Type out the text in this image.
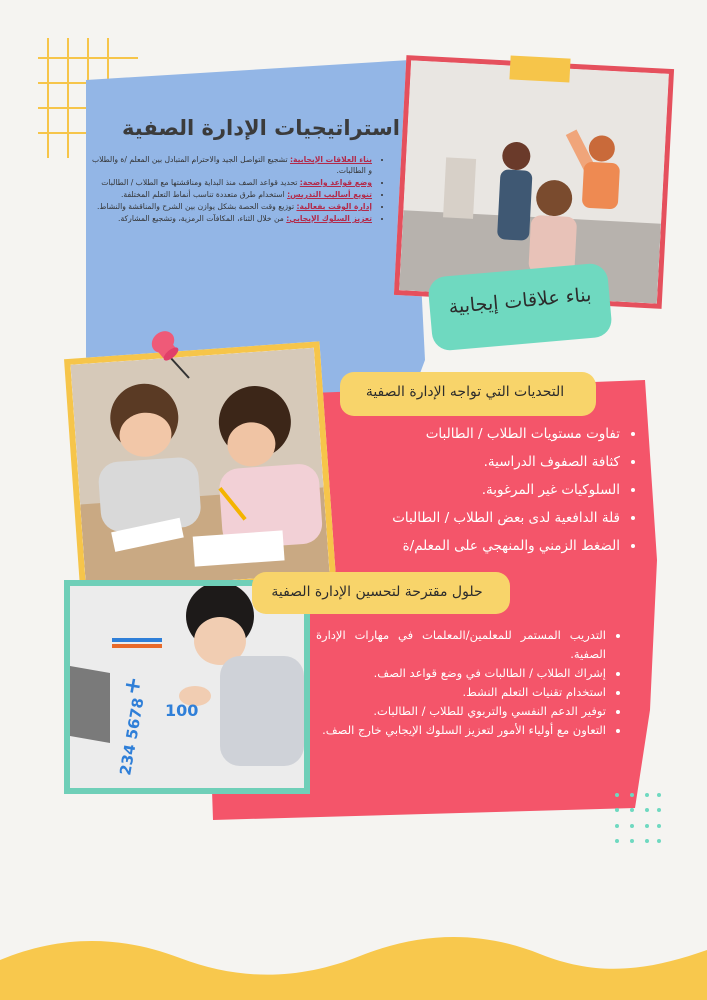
+
100
234 5678
استراتيجيات الإدارة الصفية
• بناء العلاقات الإيجابية: تشجيع التواصل الجيد والاحترام المتبادل بين المعلم /ة والطلاب و الطالبات.
• وضع قواعد واضحة: تحديد قواعد الصف منذ البداية ومناقشتها مع الطلاب / الطالبات
• تنويع أساليب التدريس: استخدام طرق متعددة تناسب أنماط التعلم المختلفة.
• إدارة الوقت بفعالية: توزيع وقت الحصة بشكل يوازن بين الشرح والمناقشة والنشاط.
• تعزيز السلوك الإيجابي: من خلال الثناء، المكافآت الرمزية، وتشجيع المشاركة.
بناء علاقات إيجابية
التحديات التي تواجه الإدارة الصفية
• تفاوت مستويات الطلاب / الطالبات
• كثافة الصفوف الدراسية.
• السلوكيات غير المرغوبة.
• قلة الدافعية لدى بعض الطلاب / الطالبات
• الضغط الزمني والمنهجي على المعلم/ة
حلول مقترحة لتحسين الإدارة الصفية
• التدريب المستمر للمعلمين/المعلمات في مهارات الإدارة الصفية.
• إشراك الطلاب / الطالبات في وضع قواعد الصف.
• استخدام تقنيات التعلم النشط.
• توفير الدعم النفسي والتربوي للطلاب / الطالبات.
• التعاون مع أولياء الأمور لتعزيز السلوك الإيجابي خارج الصف.
